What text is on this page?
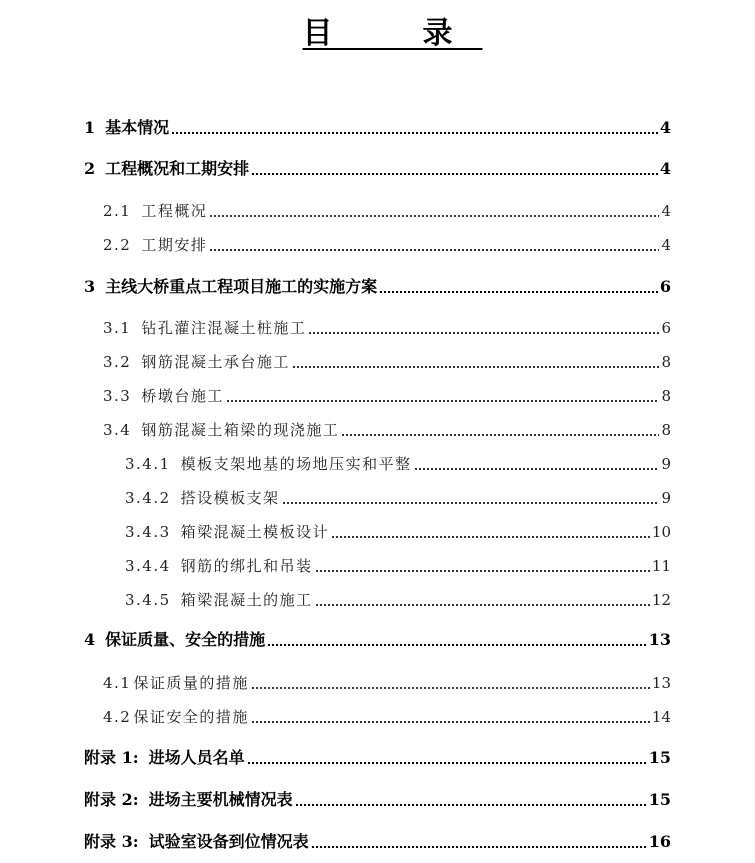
目　录
1 基本情况	4
2 工程概况和工期安排	4
2.1 工程概况	4
2.2 工期安排	4
3 主线大桥重点工程项目施工的实施方案	6
3.1 钻孔灌注混凝土桩施工	6
3.2 钢筋混凝土承台施工	8
3.3 桥墩台施工	8
3.4 钢筋混凝土箱梁的现浇施工	8
3.4.1 模板支架地基的场地压实和平整	9
3.4.2 搭设模板支架	9
3.4.3 箱梁混凝土模板设计	10
3.4.4 钢筋的绑扎和吊装	11
3.4.5 箱梁混凝土的施工	12
4 保证质量、安全的措施	13
4.1 保证质量的措施	13
4.2 保证安全的措施	14
附录 1: 进场人员名单	15
附录 2: 进场主要机械情况表	15
附录 3: 试验室设备到位情况表	16
